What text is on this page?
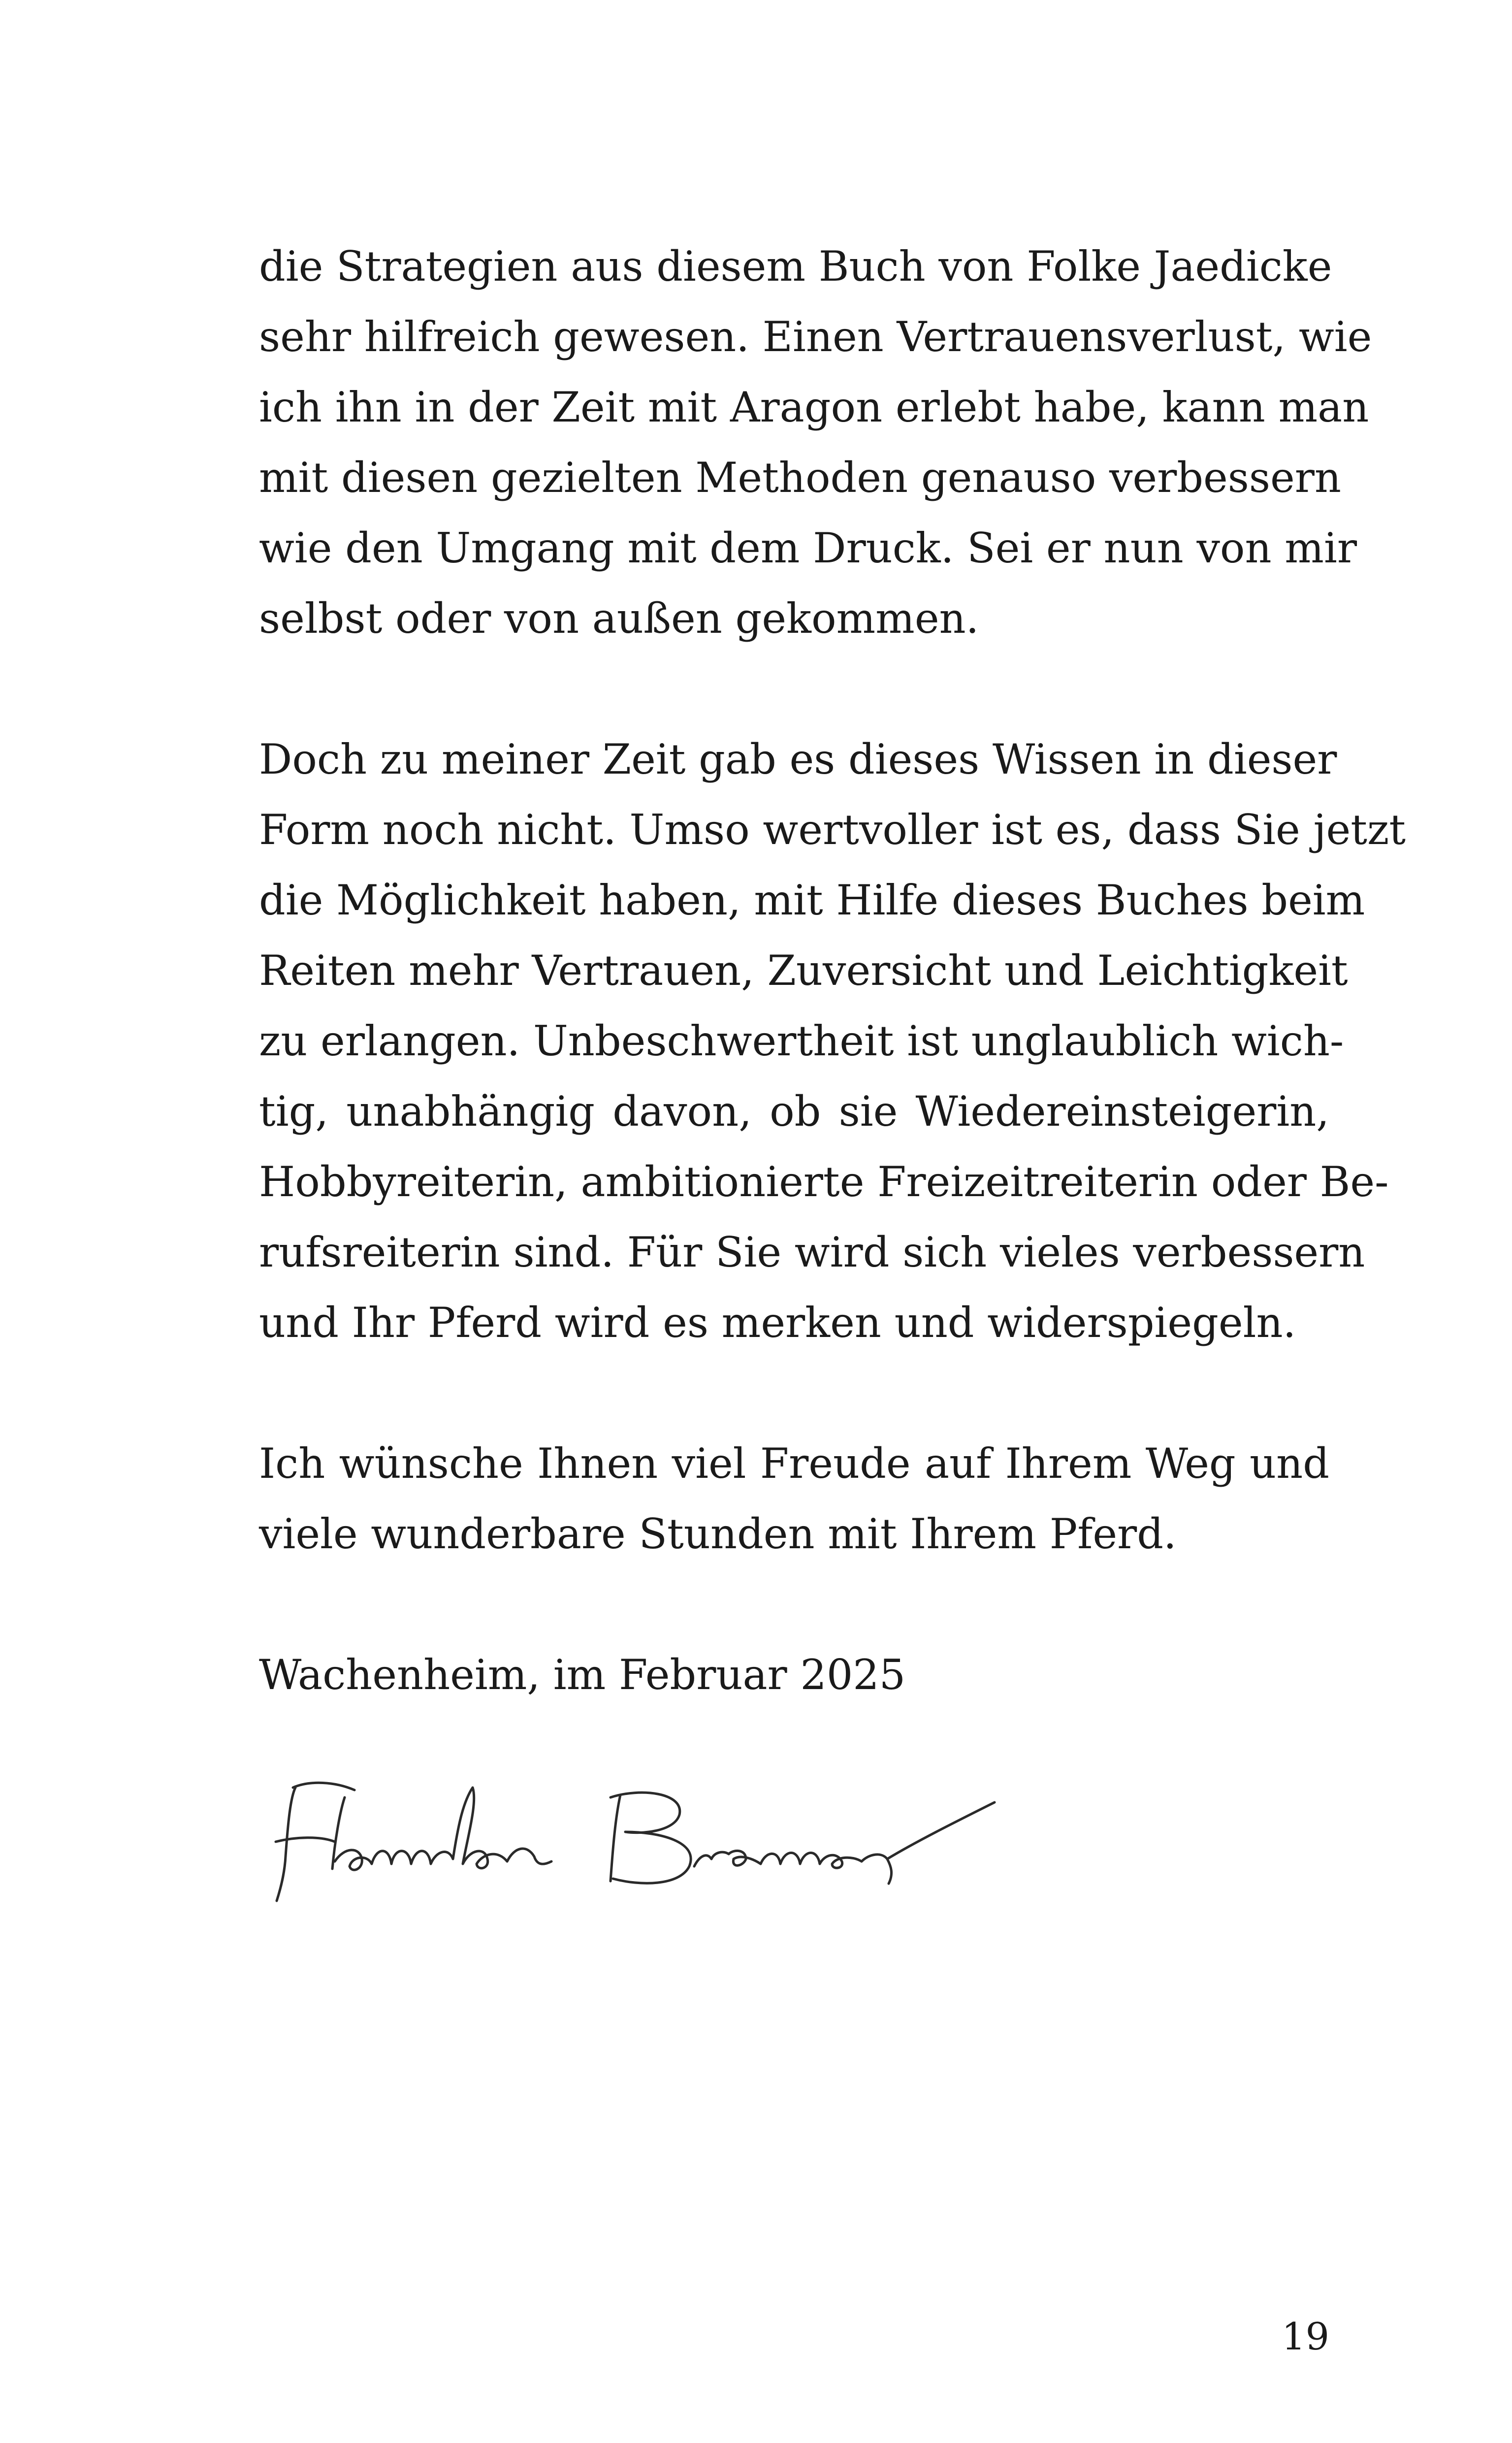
die Strategien aus diesem Buch von Folke Jaedicke
sehr hilfreich gewesen. Einen Vertrauensverlust, wie
ich ihn in der Zeit mit Aragon erlebt habe, kann man
mit diesen gezielten Methoden genauso verbessern
wie den Umgang mit dem Druck. Sei er nun von mir
selbst oder von außen gekommen.

Doch zu meiner Zeit gab es dieses Wissen in dieser
Form noch nicht. Umso wertvoller ist es, dass Sie jetzt
die Möglichkeit haben, mit Hilfe dieses Buches beim
Reiten mehr Vertrauen, Zuversicht und Leichtigkeit
zu erlangen. Unbeschwertheit ist unglaublich wich-
tig, unabhängig davon, ob sie Wiedereinsteigerin,
Hobbyreiterin, ambitionierte Freizeitreiterin oder Be-
rufsreiterin sind. Für Sie wird sich vieles verbessern
und Ihr Pferd wird es merken und widerspiegeln.

Ich wünsche Ihnen viel Freude auf Ihrem Weg und
viele wunderbare Stunden mit Ihrem Pferd.

Wachenheim, im Februar 2025

19
